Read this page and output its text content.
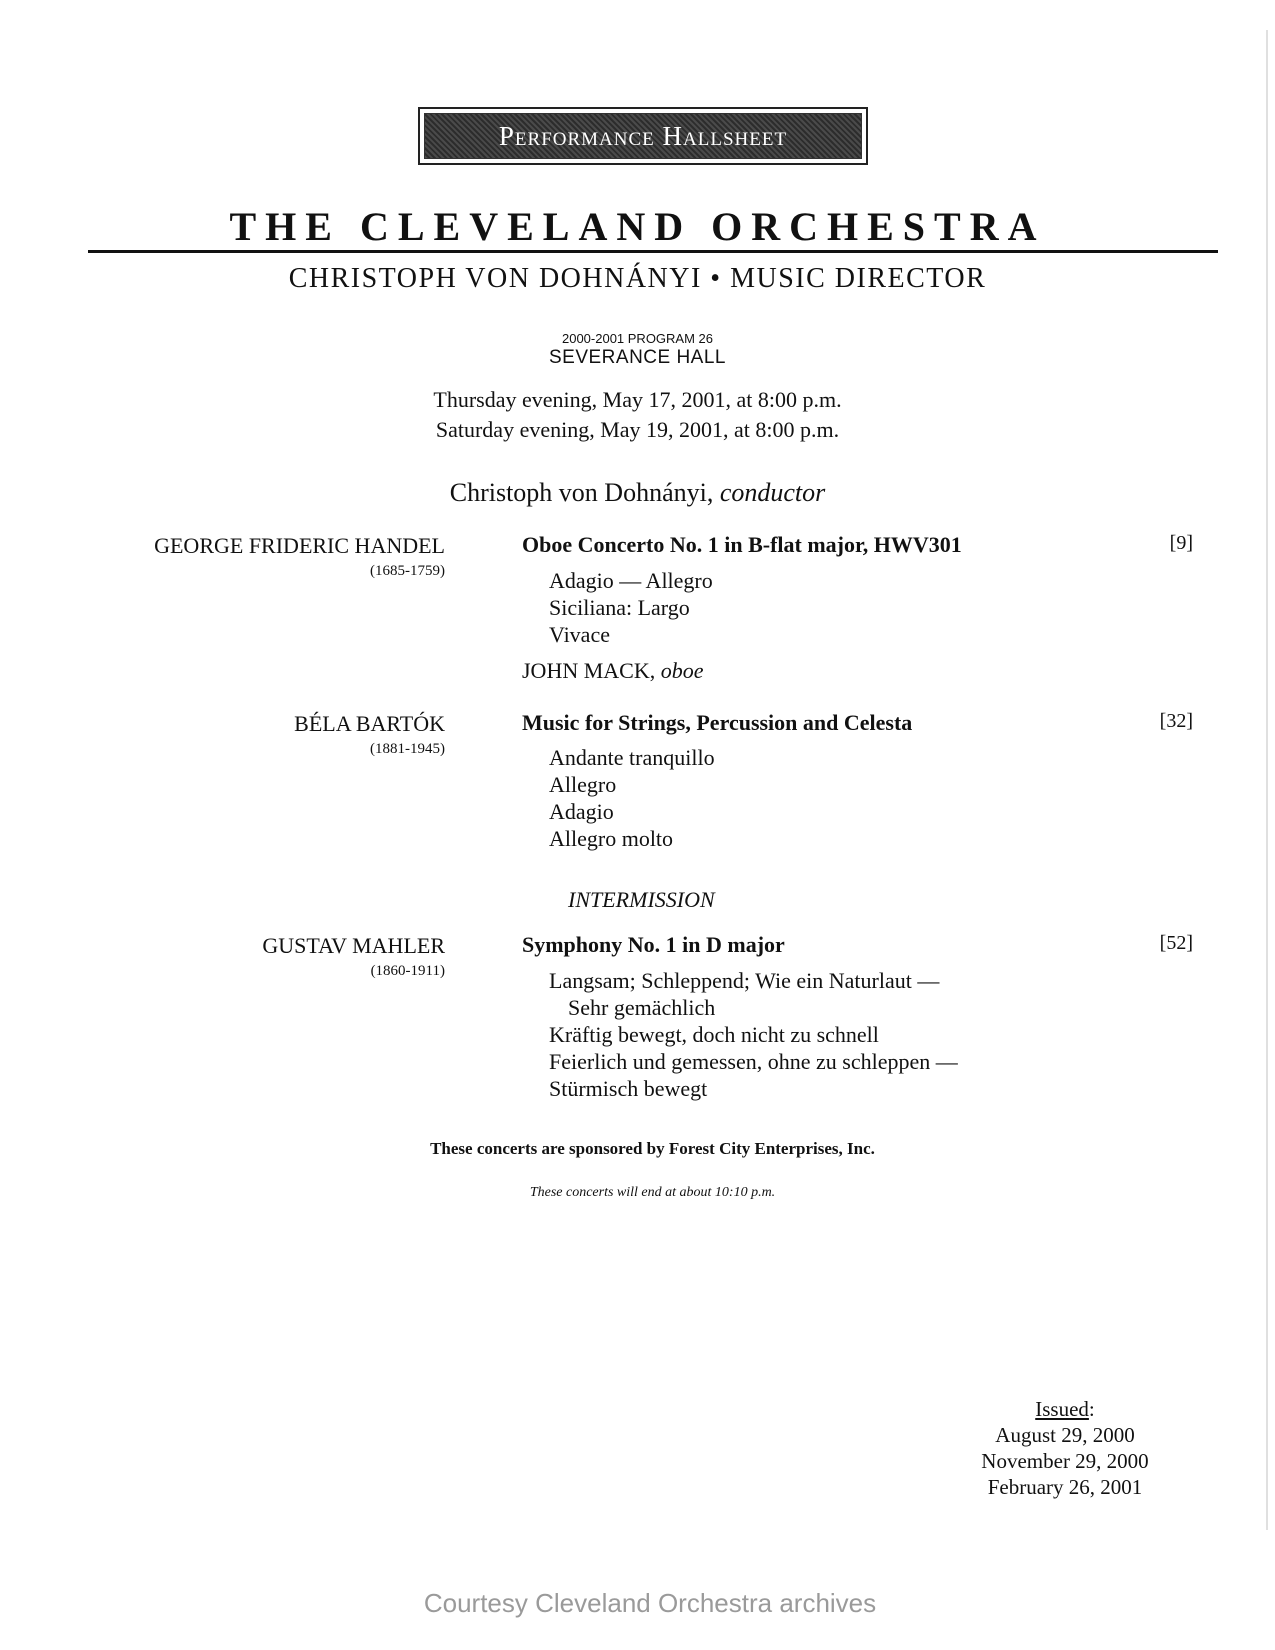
Performance Hallsheet
THE CLEVELAND ORCHESTRA
CHRISTOPH VON DOHNÁNYI • MUSIC DIRECTOR
2000-2001 PROGRAM 26
SEVERANCE HALL
Thursday evening, May 17, 2001, at 8:00 p.m.
Saturday evening, May 19, 2001, at 8:00 p.m.
Christoph von Dohnányi, conductor
GEORGE FRIDERIC HANDEL
(1685-1759)
Oboe Concerto No. 1 in B-flat major, HWV301	[9]
Adagio — Allegro
Siciliana: Largo
Vivace
JOHN MACK, oboe
BÉLA BARTÓK
(1881-1945)
Music for Strings, Percussion and Celesta	[32]
Andante tranquillo
Allegro
Adagio
Allegro molto
INTERMISSION
GUSTAV MAHLER
(1860-1911)
Symphony No. 1 in D major	[52]
Langsam; Schleppend; Wie ein Naturlaut —
Sehr gemächlich
Kräftig bewegt, doch nicht zu schnell
Feierlich und gemessen, ohne zu schleppen —
Stürmisch bewegt
These concerts are sponsored by Forest City Enterprises, Inc.
These concerts will end at about 10:10 p.m.
Issued:
August 29, 2000
November 29, 2000
February 26, 2001
Courtesy Cleveland Orchestra archives
